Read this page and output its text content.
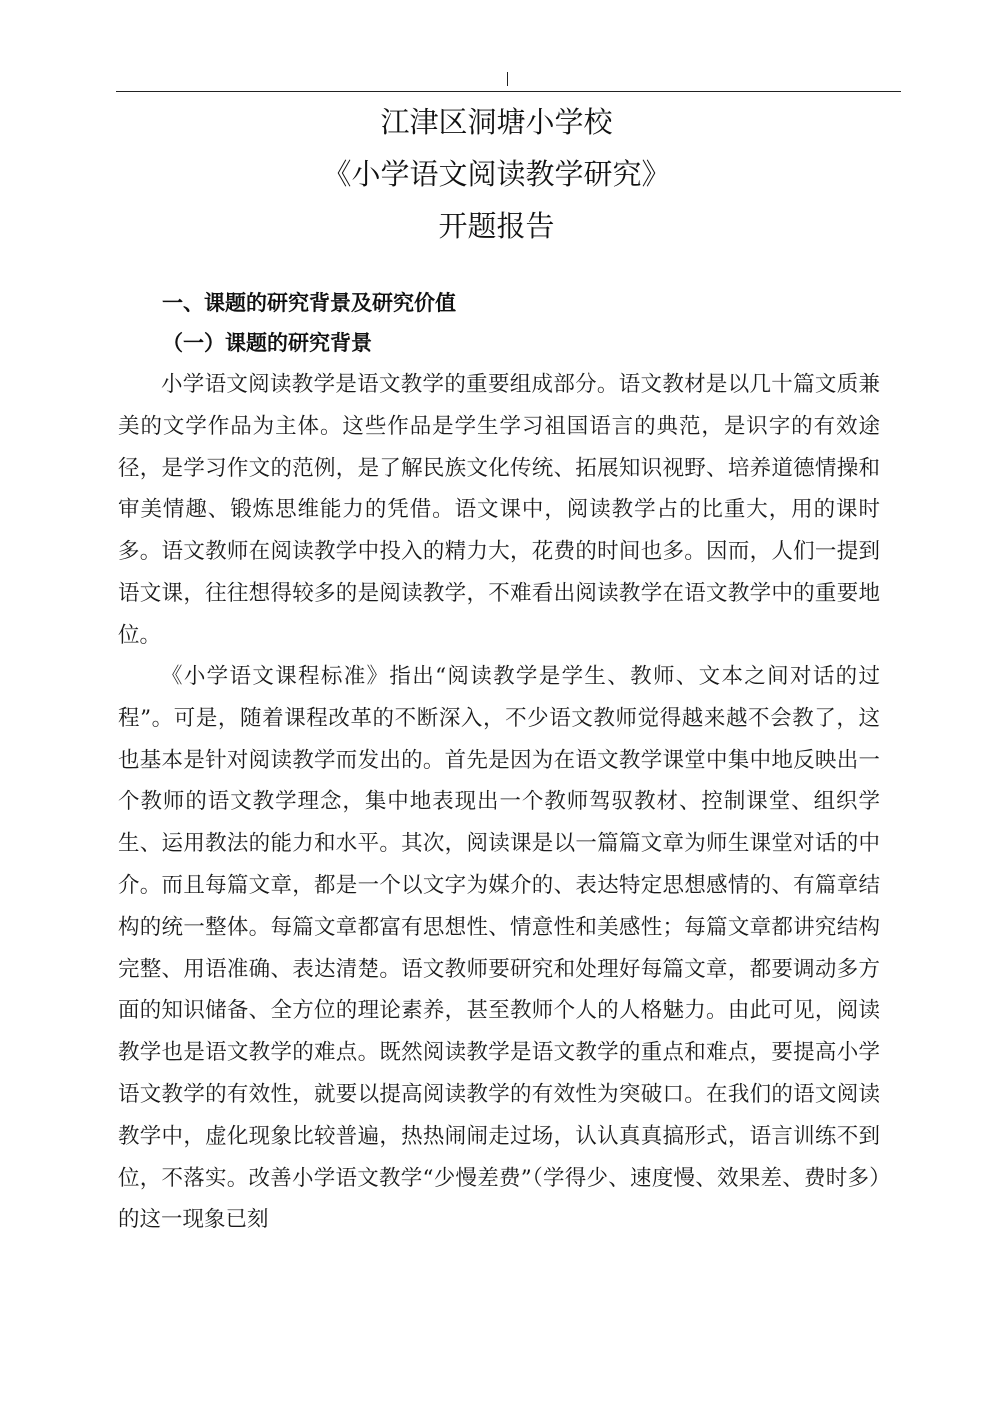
江津区洞塘小学校
《小学语文阅读教学研究》
开题报告
一、课题的研究背景及研究价值
（一）课题的研究背景

小学语文阅读教学是语文教学的重要组成部分。语文教材是以几十篇文质兼美的文学作品为主体。这些作品是学生学习祖国语言的典范，是识字的有效途径，是学习作文的范例，是了解民族文化传统、拓展知识视野、培养道德情操和审美情趣、锻炼思维能力的凭借。语文课中，阅读教学占的比重大，用的课时多。语文教师在阅读教学中投入的精力大，花费的时间也多。因而，人们一提到语文课，往往想得较多的是阅读教学，不难看出阅读教学在语文教学中的重要地位。

《小学语文课程标准》指出“阅读教学是学生、教师、文本之间对话的过程”。可是，随着课程改革的不断深入，不少语文教师觉得越来越不会教了，这也基本是针对阅读教学而发出的。首先是因为在语文教学课堂中集中地反映出一个教师的语文教学理念，集中地表现出一个教师驾驭教材、控制课堂、组织学生、运用教法的能力和水平。其次，阅读课是以一篇篇文章为师生课堂对话的中介。而且每篇文章，都是一个以文字为媒介的、表达特定思想感情的、有篇章结构的统一整体。每篇文章都富有思想性、情意性和美感性；每篇文章都讲究结构完整、用语准确、表达清楚。语文教师要研究和处理好每篇文章，都要调动多方面的知识储备、全方位的理论素养，甚至教师个人的人格魅力。由此可见，阅读教学也是语文教学的难点。既然阅读教学是语文教学的重点和难点，要提高小学语文教学的有效性，就要以提高阅读教学的有效性为突破口。在我们的语文阅读教学中，虚化现象比较普遍，热热闹闹走过场，认认真真搞形式，语言训练不到位，不落实。改善小学语文教学“少慢差费”（学得少、速度慢、效果差、费时多）的这一现象已刻
